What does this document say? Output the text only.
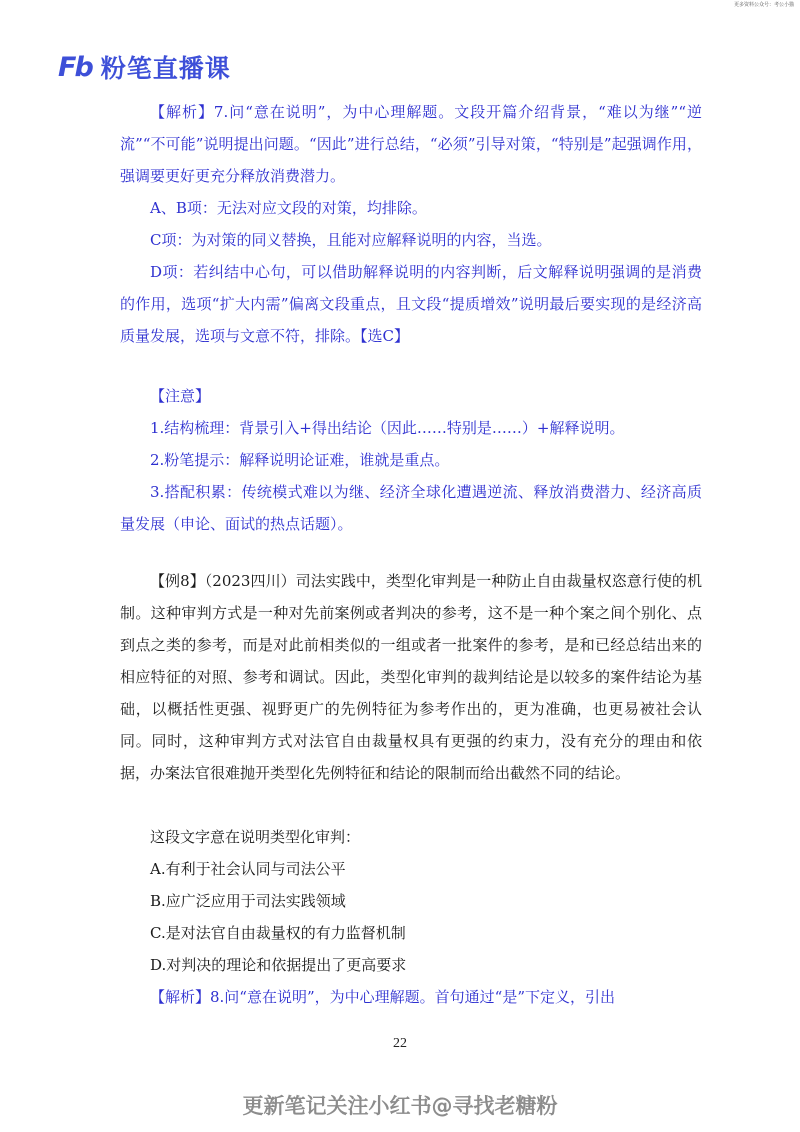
更多资料公众号：考公小猫
Fb 粉笔直播课

【解析】7.问“意在说明”，为中心理解题。文段开篇介绍背景，“难以为继”“逆流”“不可能”说明提出问题。“因此”进行总结，“必须”引导对策，“特别是”起强调作用，强调要更好更充分释放消费潜力。

A、B项：无法对应文段的对策，均排除。

C项：为对策的同义替换，且能对应解释说明的内容，当选。

D项：若纠结中心句，可以借助解释说明的内容判断，后文解释说明强调的是消费的作用，选项“扩大内需”偏离文段重点，且文段“提质增效”说明最后要实现的是经济高质量发展，选项与文意不符，排除。【选C】

【注意】

1.结构梳理：背景引入+得出结论（因此……特别是……）+解释说明。

2.粉笔提示：解释说明论证难，谁就是重点。

3.搭配积累：传统模式难以为继、经济全球化遭遇逆流、释放消费潜力、经济高质量发展（申论、面试的热点话题）。

【例8】（2023四川）司法实践中，类型化审判是一种防止自由裁量权恣意行使的机制。这种审判方式是一种对先前案例或者判决的参考，这不是一种个案之间个别化、点到点之类的参考，而是对此前相类似的一组或者一批案件的参考，是和已经总结出来的相应特征的对照、参考和调试。因此，类型化审判的裁判结论是以较多的案件结论为基础，以概括性更强、视野更广的先例特征为参考作出的，更为准确，也更易被社会认同。同时，这种审判方式对法官自由裁量权具有更强的约束力，没有充分的理由和依据，办案法官很难抛开类型化先例特征和结论的限制而给出截然不同的结论。

这段文字意在说明类型化审判：

A.有利于社会认同与司法公平

B.应广泛应用于司法实践领域

C.是对法官自由裁量权的有力监督机制

D.对判决的理论和依据提出了更高要求

【解析】8.问“意在说明”，为中心理解题。首句通过“是”下定义，引出

22
更新笔记关注小红书@寻找老糖粉
